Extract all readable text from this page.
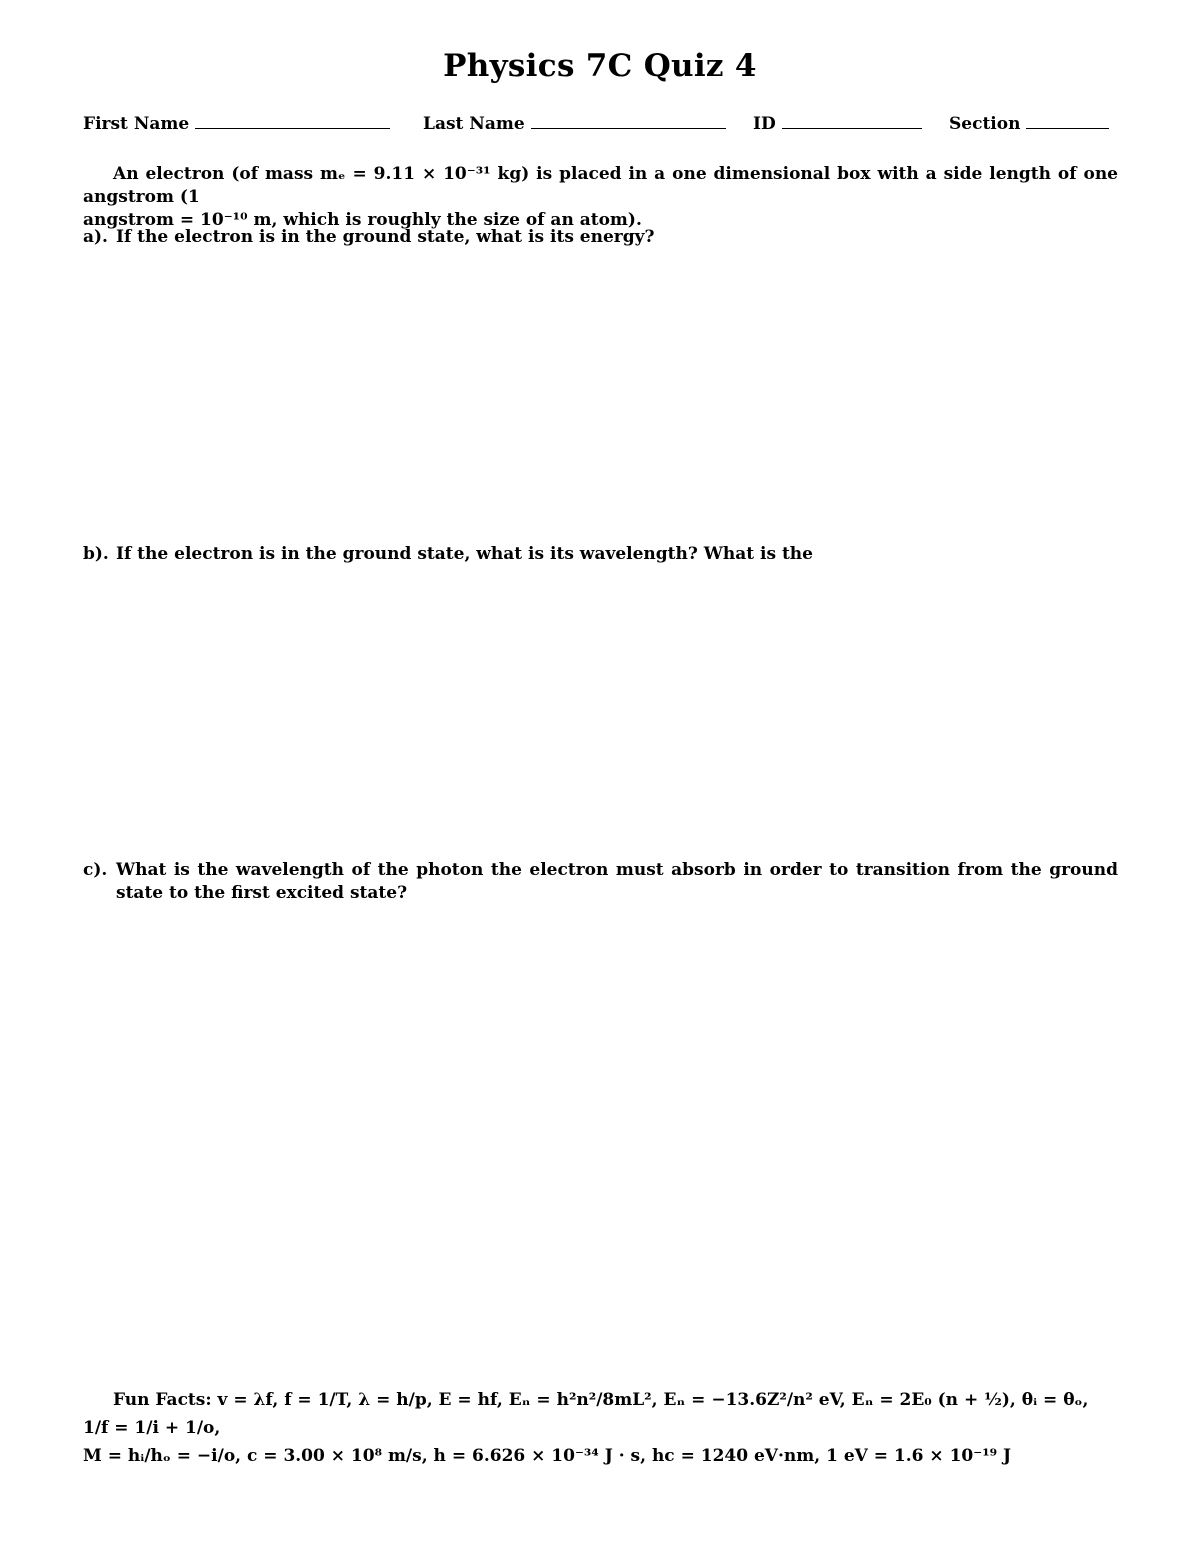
Physics 7C Quiz 4
First Name	Last Name	ID	Section
An electron (of mass mₑ = 9.11 × 10⁻³¹ kg) is placed in a one dimensional box with a side length of one angstrom (1
angstrom = 10⁻¹⁰ m, which is roughly the size of an atom).
a). If the electron is in the ground state, what is its energy?
b). If the electron is in the ground state, what is its wavelength? What is the
c). What is the wavelength of the photon the electron must absorb in order to transition from the ground state to the first excited state?
Fun Facts: v = λf, f = 1/T, λ = h/p, E = hf, Eₙ = h²n²/8mL², Eₙ = −13.6Z²/n² eV, Eₙ = 2E₀ (n + ½), θᵢ = θₒ, 1/f = 1/i + 1/o,
M = hᵢ/hₒ = −i/o, c = 3.00 × 10⁸ m/s, h = 6.626 × 10⁻³⁴ J · s, hc = 1240 eV·nm, 1 eV = 1.6 × 10⁻¹⁹ J
